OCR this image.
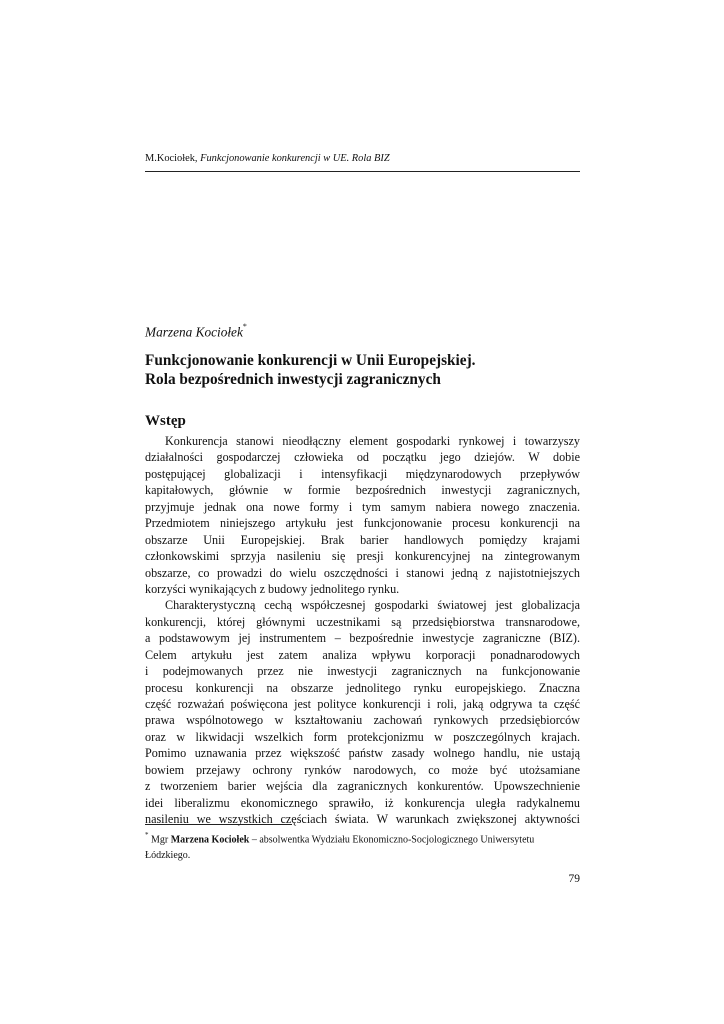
M.Kociołek, Funkcjonowanie konkurencji w UE. Rola BIZ
Marzena Kociołek*
Funkcjonowanie konkurencji w Unii Europejskiej.
Rola bezpośrednich inwestycji zagranicznych
Wstęp
Konkurencja stanowi nieodłączny element gospodarki rynkowej i towarzyszy
działalności gospodarczej człowieka od początku jego dziejów. W dobie
postępującej globalizacji i intensyfikacji międzynarodowych przepływów
kapitałowych, głównie w formie bezpośrednich inwestycji zagranicznych,
przyjmuje jednak ona nowe formy i tym samym nabiera nowego znaczenia.
Przedmiotem niniejszego artykułu jest funkcjonowanie procesu konkurencji na
obszarze Unii Europejskiej. Brak barier handlowych pomiędzy krajami
członkowskimi sprzyja nasileniu się presji konkurencyjnej na zintegrowanym
obszarze, co prowadzi do wielu oszczędności i stanowi jedną z najistotniejszych
korzyści wynikających z budowy jednolitego rynku.
Charakterystyczną cechą współczesnej gospodarki światowej jest globalizacja
konkurencji, której głównymi uczestnikami są przedsiębiorstwa transnarodowe,
a podstawowym jej instrumentem – bezpośrednie inwestycje zagraniczne (BIZ).
Celem artykułu jest zatem analiza wpływu korporacji ponadnarodowych
i podejmowanych przez nie inwestycji zagranicznych na funkcjonowanie
procesu konkurencji na obszarze jednolitego rynku europejskiego. Znaczna
część rozważań poświęcona jest polityce konkurencji i roli, jaką odgrywa ta część
prawa wspólnotowego w kształtowaniu zachowań rynkowych przedsiębiorców
oraz w likwidacji wszelkich form protekcjonizmu w poszczególnych krajach.
Pomimo uznawania przez większość państw zasady wolnego handlu, nie ustają
bowiem przejawy ochrony rynków narodowych, co może być utożsamiane
z tworzeniem barier wejścia dla zagranicznych konkurentów. Upowszechnienie
idei liberalizmu ekonomicznego sprawiło, iż konkurencja uległa radykalnemu
nasileniu we wszystkich częściach świata. W warunkach zwiększonej aktywności
* Mgr Marzena Kociołek – absolwentka Wydziału Ekonomiczno-Socjologicznego Uniwersytetu
Łódzkiego.
79
